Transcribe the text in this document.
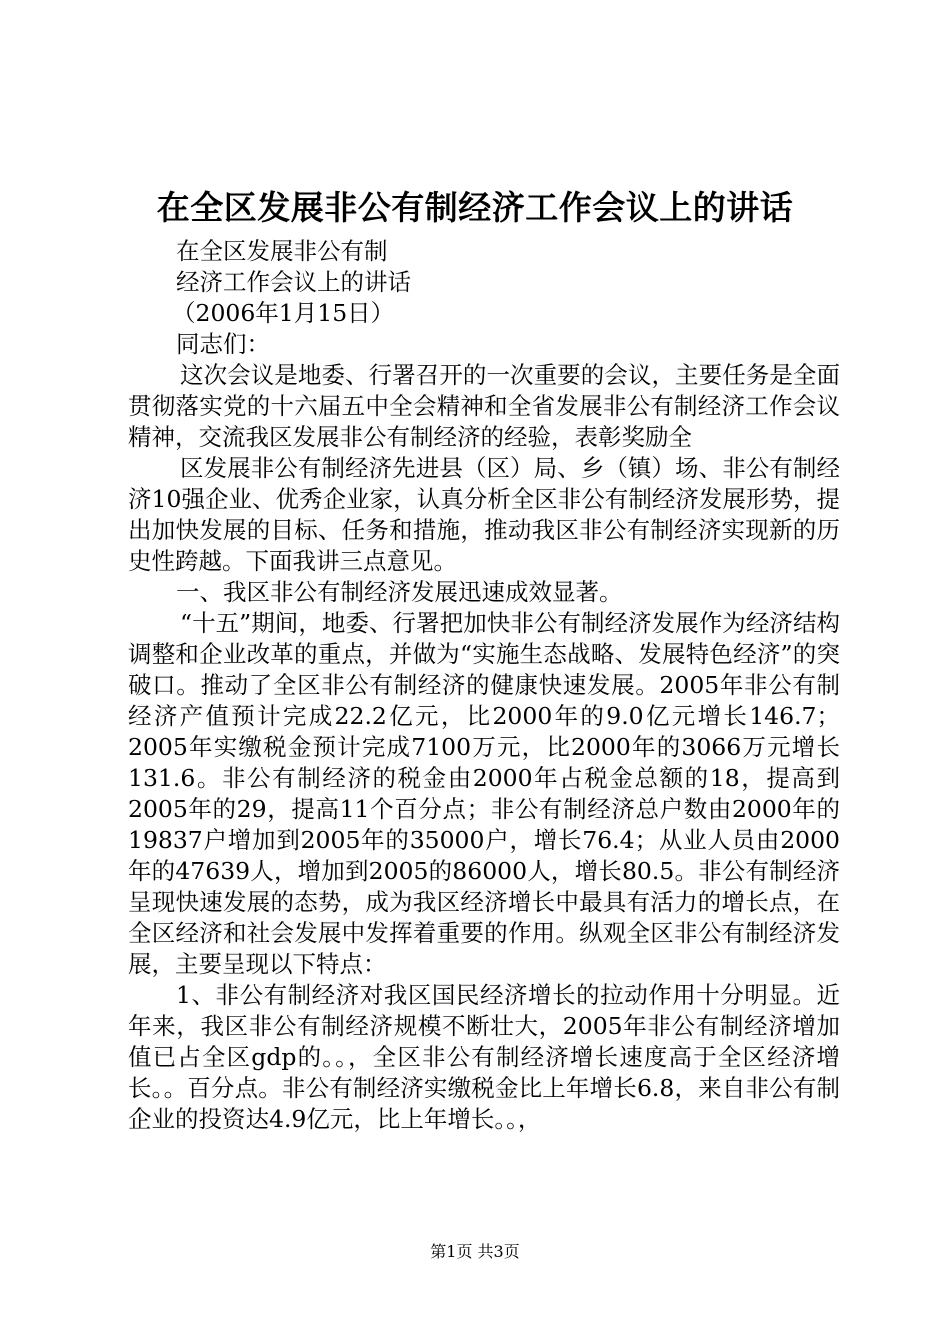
在全区发展非公有制经济工作会议上的讲话

在全区发展非公有制

经济工作会议上的讲话

（2006年1月15日）

同志们：

这次会议是地委、行署召开的一次重要的会议，主要任务是全面贯彻落实党的十六届五中全会精神和全省发展非公有制经济工作会议精神，交流我区发展非公有制经济的经验，表彰奖励全

区发展非公有制经济先进县（区）局、乡（镇）场、非公有制经济10强企业、优秀企业家，认真分析全区非公有制经济发展形势，提出加快发展的目标、任务和措施，推动我区非公有制经济实现新的历史性跨越。下面我讲三点意见。

一、我区非公有制经济发展迅速成效显著。

“十五”期间，地委、行署把加快非公有制经济发展作为经济结构调整和企业改革的重点，并做为“实施生态战略、发展特色经济”的突破口。推动了全区非公有制经济的健康快速发展。2005年非公有制经济产值预计完成22.2亿元，比2000年的9.0亿元增长146.7；2005年实缴税金预计完成7100万元，比2000年的3066万元增长131.6。非公有制经济的税金由2000年占税金总额的18，提高到2005年的29，提高11个百分点；非公有制经济总户数由2000年的19837户增加到2005年的35000户，增长76.4；从业人员由2000年的47639人，增加到2005的86000人，增长80.5。非公有制经济呈现快速发展的态势，成为我区经济增长中最具有活力的增长点，在全区经济和社会发展中发挥着重要的作用。纵观全区非公有制经济发展，主要呈现以下特点：

1、非公有制经济对我区国民经济增长的拉动作用十分明显。近年来，我区非公有制经济规模不断壮大，2005年非公有制经济增加值已占全区gdp的。。，全区非公有制经济增长速度高于全区经济增长。。百分点。非公有制经济实缴税金比上年增长6.8，来自非公有制企业的投资达4.9亿元，比上年增长。。，

第1页 共3页
